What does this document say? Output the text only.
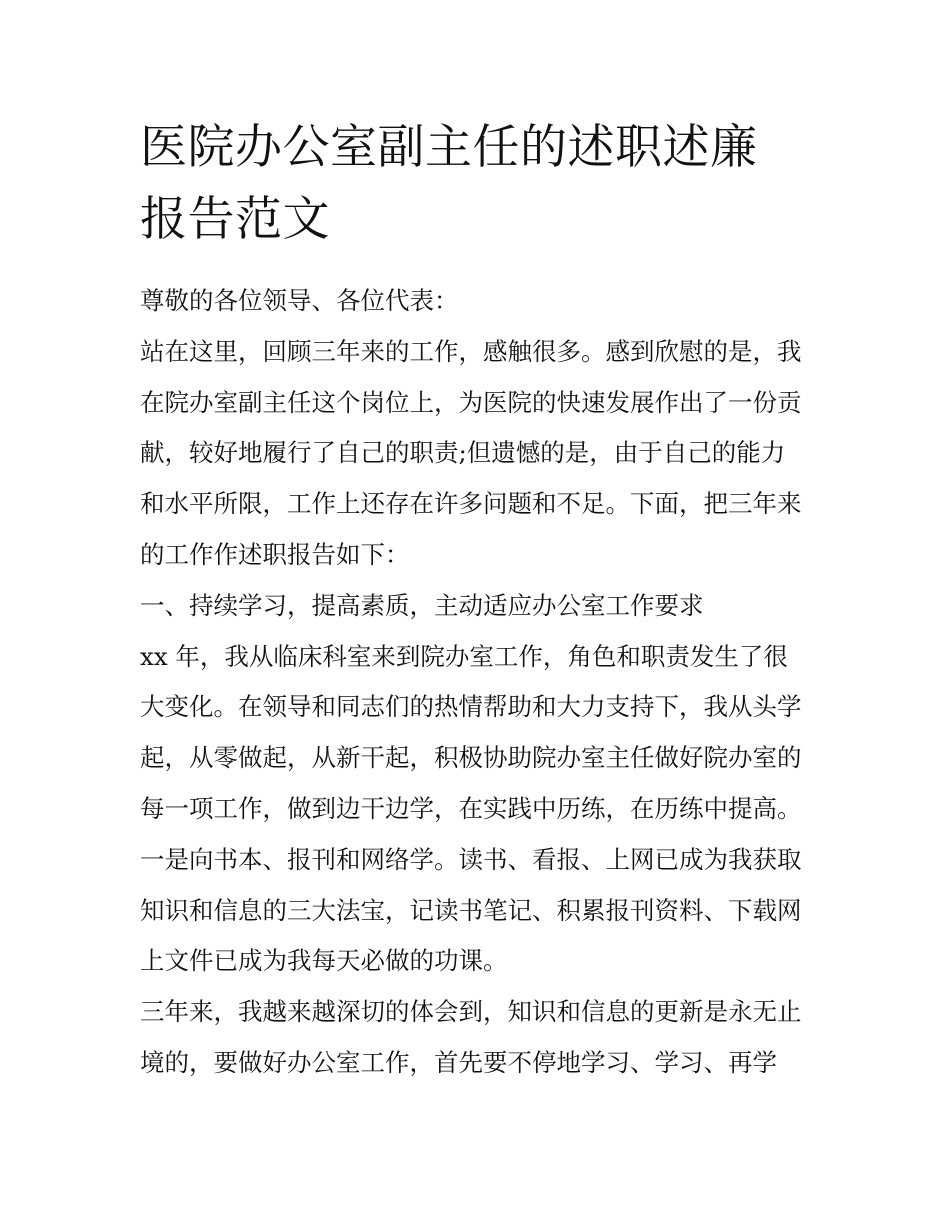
医院办公室副主任的述职述廉
报告范文
尊敬的各位领导、各位代表：
站在这里，回顾三年来的工作，感触很多。感到欣慰的是，我
在院办室副主任这个岗位上，为医院的快速发展作出了一份贡
献，较好地履行了自己的职责;但遗憾的是，由于自己的能力
和水平所限，工作上还存在许多问题和不足。下面，把三年来
的工作作述职报告如下：
一、持续学习，提高素质，主动适应办公室工作要求
xx 年，我从临床科室来到院办室工作，角色和职责发生了很
大变化。在领导和同志们的热情帮助和大力支持下，我从头学
起，从零做起，从新干起，积极协助院办室主任做好院办室的
每一项工作，做到边干边学，在实践中历练，在历练中提高。
一是向书本、报刊和网络学。读书、看报、上网已成为我获取
知识和信息的三大法宝，记读书笔记、积累报刊资料、下载网
上文件已成为我每天必做的功课。
三年来，我越来越深切的体会到，知识和信息的更新是永无止
境的，要做好办公室工作，首先要不停地学习、学习、再学
